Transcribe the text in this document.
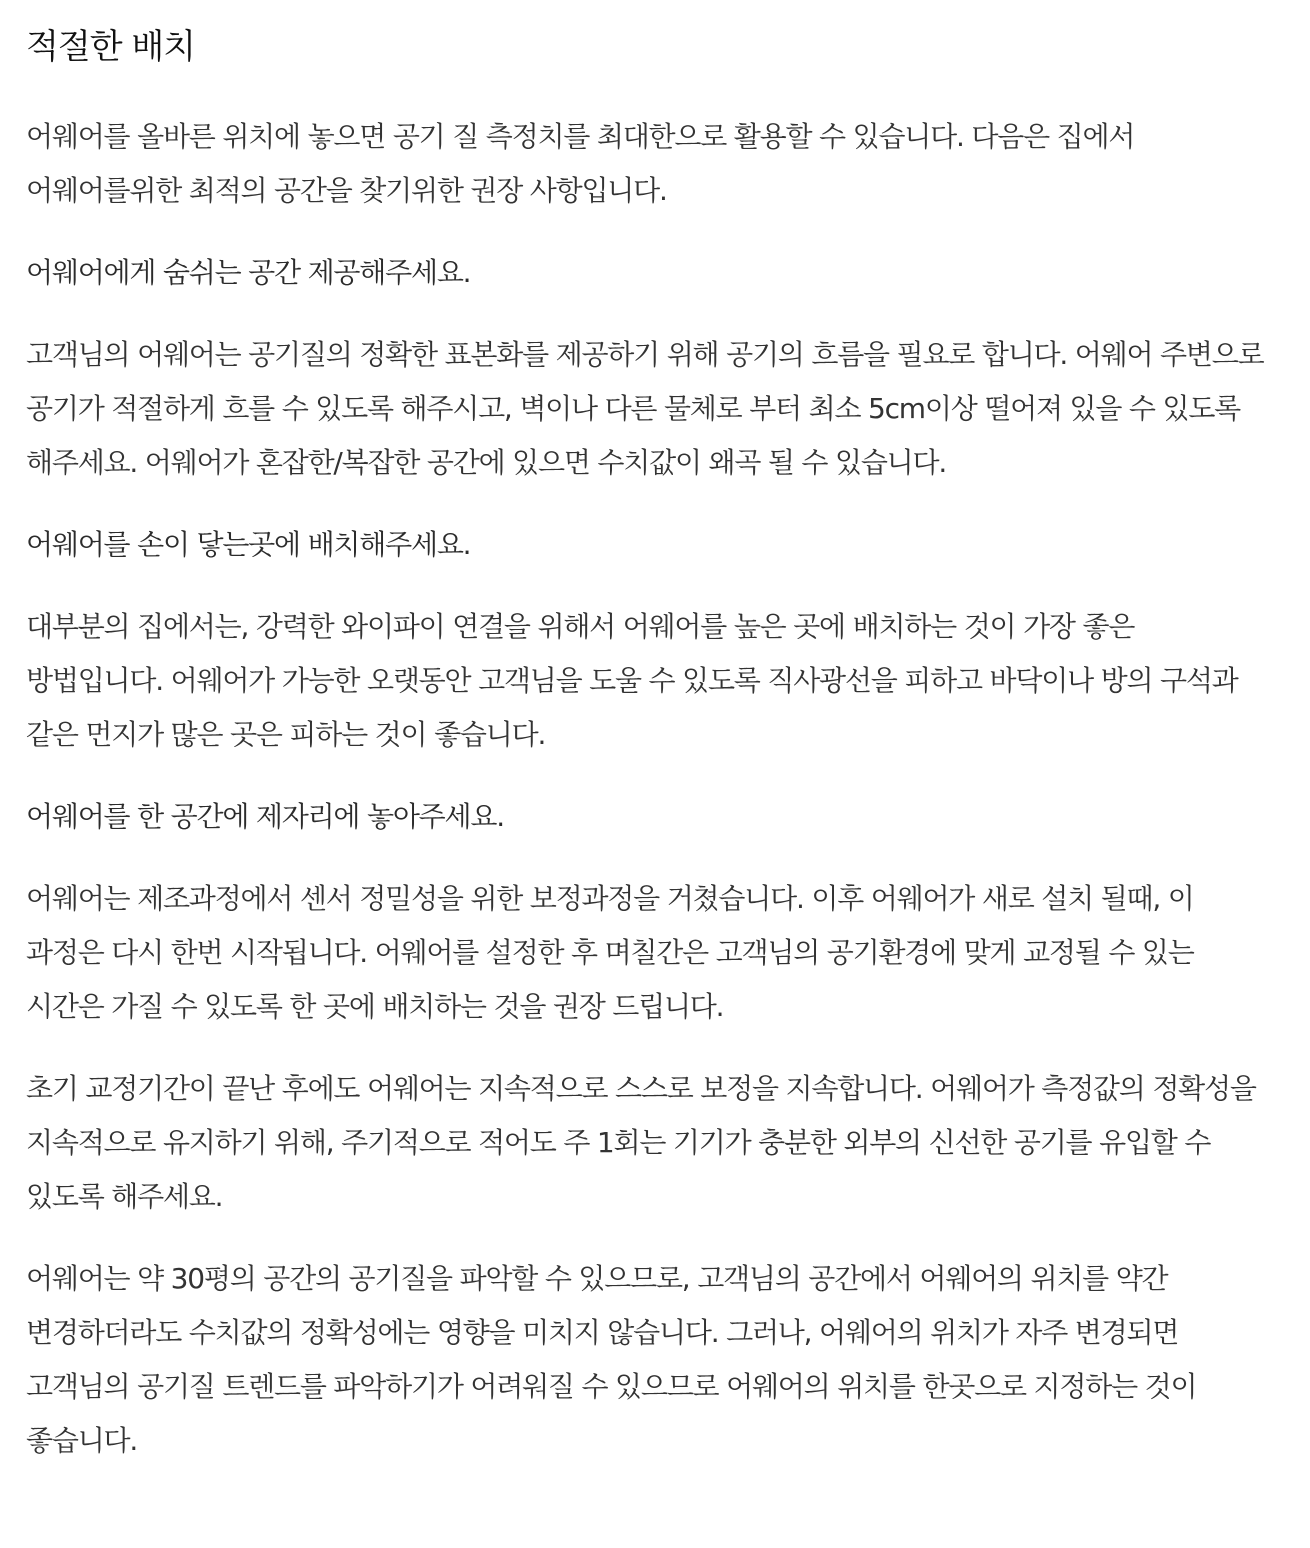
적절한 배치

어웨어를 올바른 위치에 놓으면 공기 질 측정치를 최대한으로 활용할 수 있습니다. 다음은 집에서 어웨어를위한 최적의 공간을 찾기위한 권장 사항입니다.

어웨어에게 숨쉬는 공간 제공해주세요.

고객님의 어웨어는 공기질의 정확한 표본화를 제공하기 위해 공기의 흐름을 필요로 합니다. 어웨어 주변으로 공기가 적절하게 흐를 수 있도록 해주시고, 벽이나 다른 물체로 부터 최소 5cm이상 떨어져 있을 수 있도록 해주세요. 어웨어가 혼잡한/복잡한 공간에 있으면 수치값이 왜곡 될 수 있습니다.

어웨어를 손이 닿는곳에 배치해주세요.

대부분의 집에서는, 강력한 와이파이 연결을 위해서 어웨어를 높은 곳에 배치하는 것이 가장 좋은 방법입니다. 어웨어가 가능한 오랫동안 고객님을 도울 수 있도록 직사광선을 피하고 바닥이나 방의 구석과 같은 먼지가 많은 곳은 피하는 것이 좋습니다.

어웨어를 한 공간에 제자리에 놓아주세요.

어웨어는 제조과정에서 센서 정밀성을 위한 보정과정을 거쳤습니다. 이후 어웨어가 새로 설치 될때, 이 과정은 다시 한번 시작됩니다. 어웨어를 설정한 후 며칠간은 고객님의 공기환경에 맞게 교정될 수 있는 시간은 가질 수 있도록 한 곳에 배치하는 것을 권장 드립니다.

초기 교정기간이 끝난 후에도 어웨어는 지속적으로 스스로 보정을 지속합니다. 어웨어가 측정값의 정확성을 지속적으로 유지하기 위해, 주기적으로 적어도 주 1회는 기기가 충분한 외부의 신선한 공기를 유입할 수 있도록 해주세요.

어웨어는 약 30평의 공간의 공기질을 파악할 수 있으므로, 고객님의 공간에서 어웨어의 위치를 약간 변경하더라도 수치값의 정확성에는 영향을 미치지 않습니다. 그러나, 어웨어의 위치가 자주 변경되면 고객님의 공기질 트렌드를 파악하기가 어려워질 수 있으므로 어웨어의 위치를 한곳으로 지정하는 것이 좋습니다.
